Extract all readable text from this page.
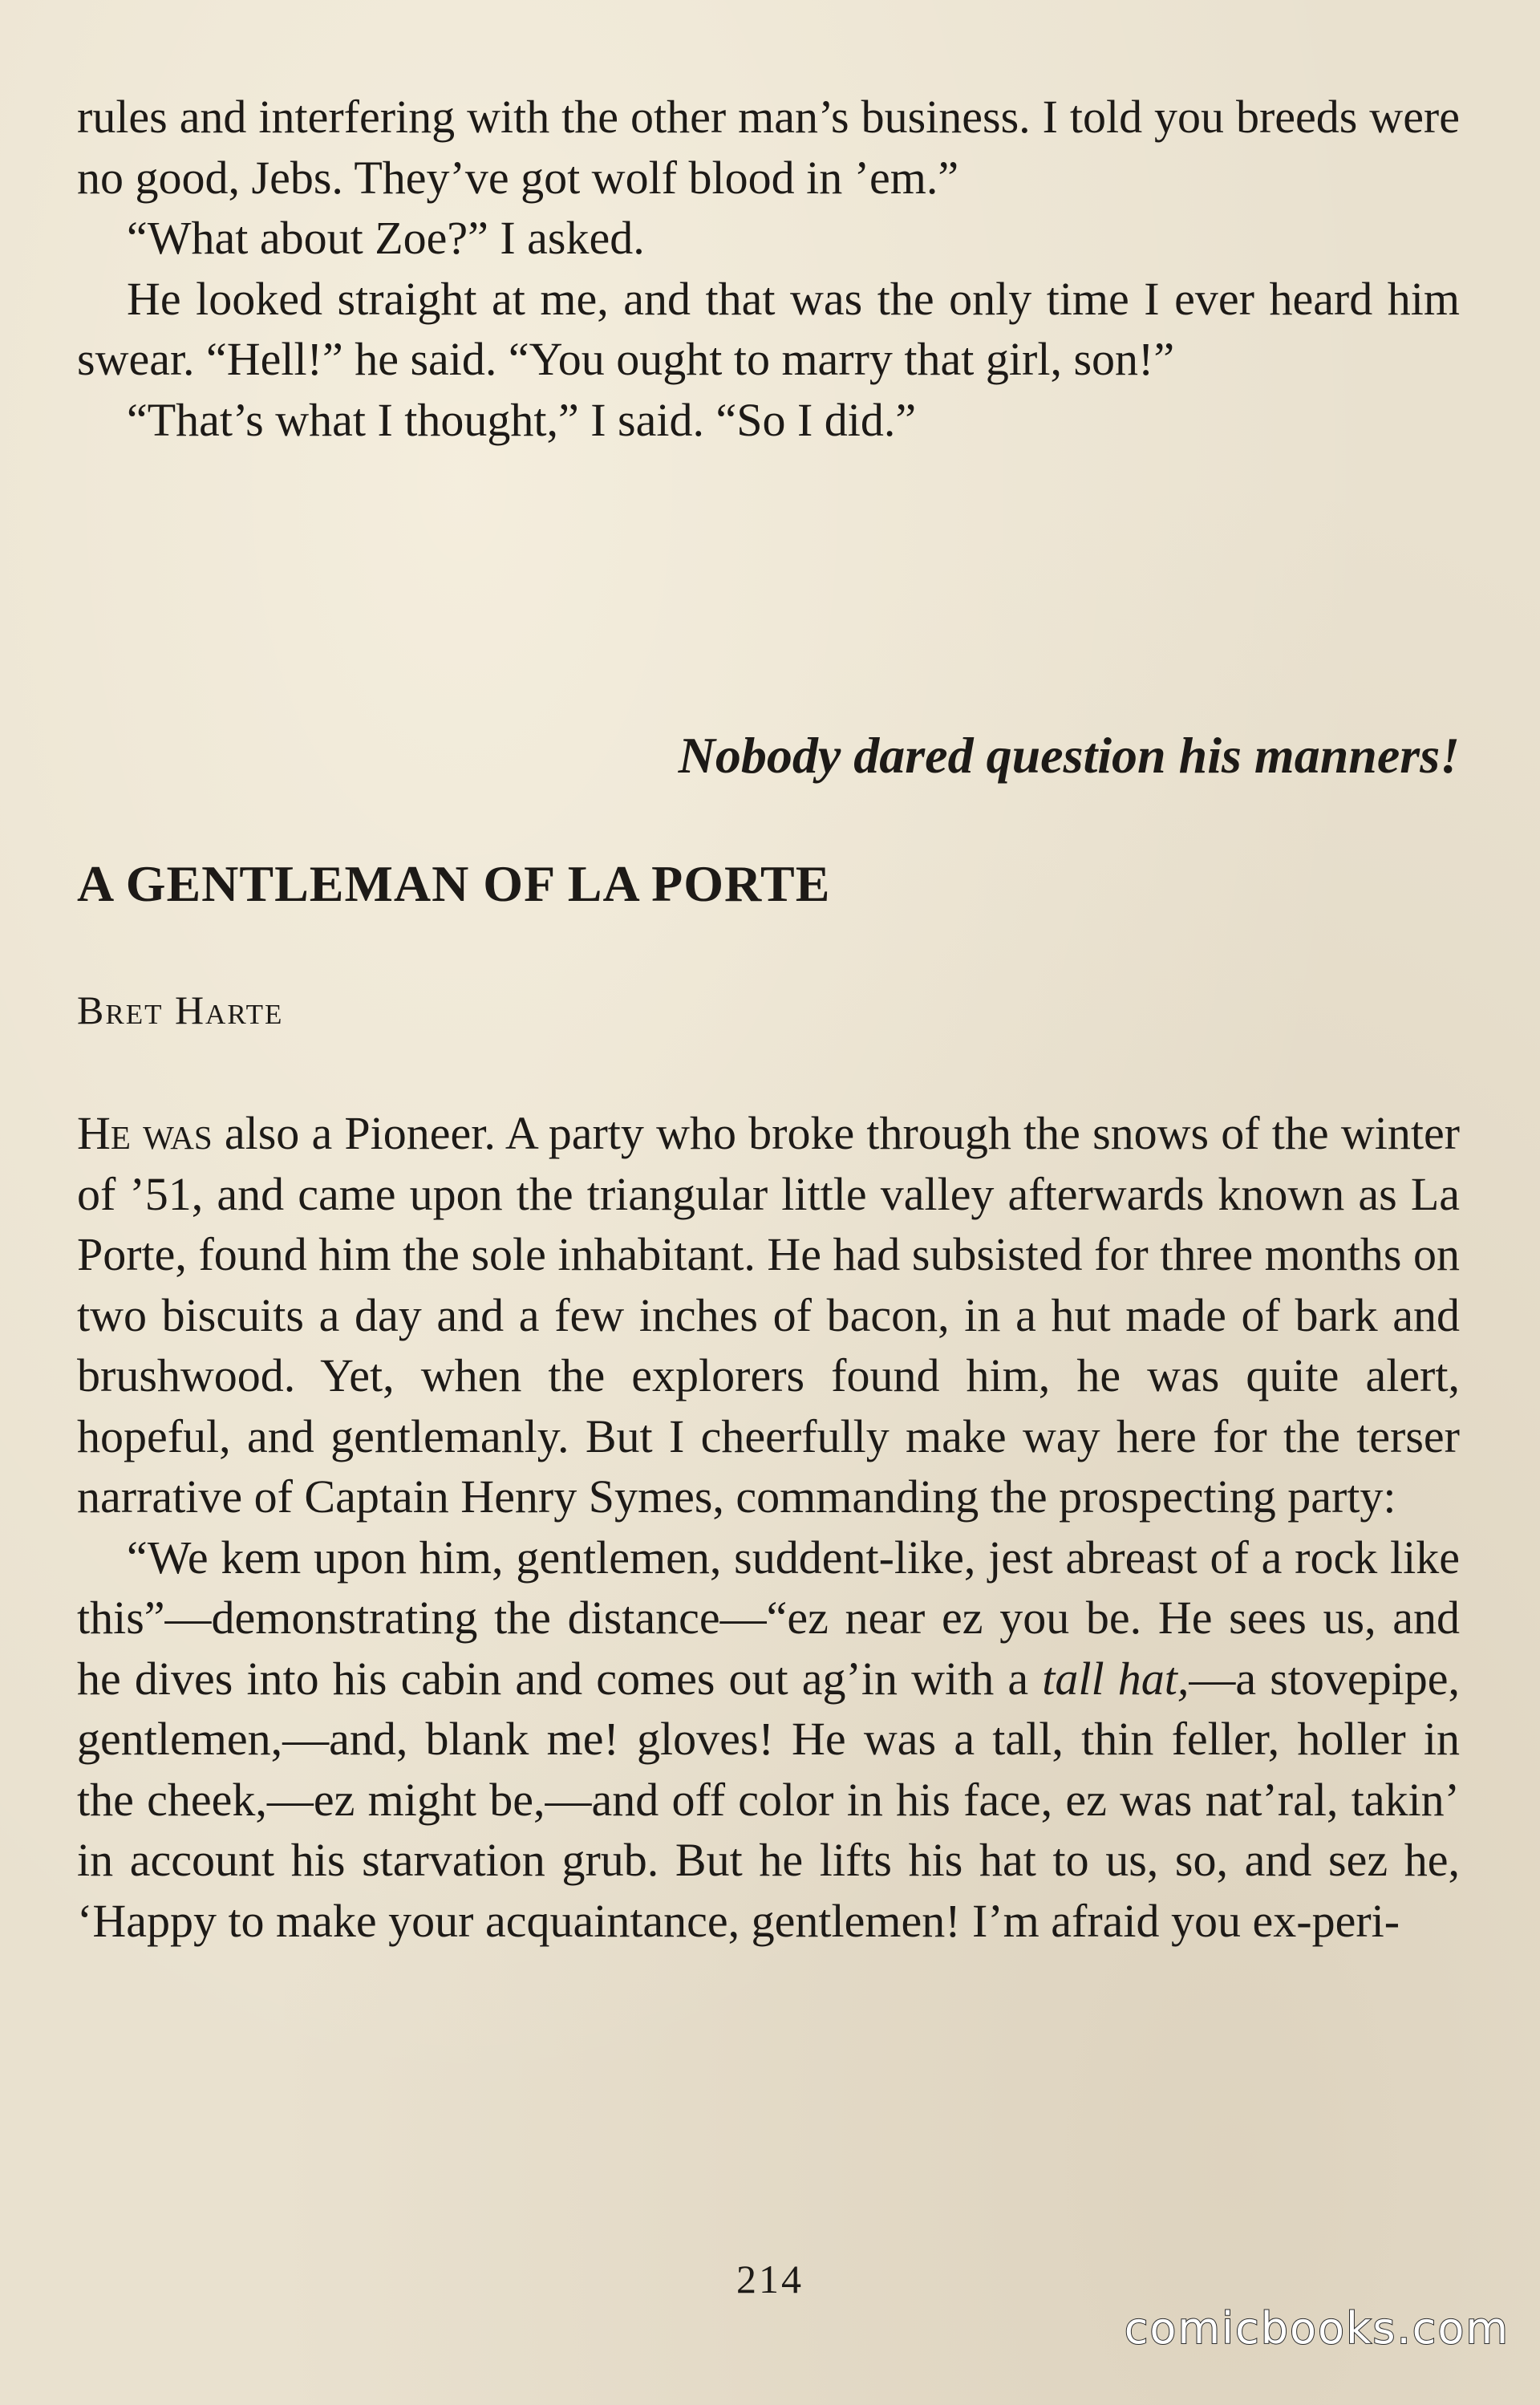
rules and interfering with the other man’s business. I told you breeds were no good, Jebs. They’ve got wolf blood in ’em.”

“What about Zoe?” I asked.

He looked straight at me, and that was the only time I ever heard him swear. “Hell!” he said. “You ought to marry that girl, son!”

“That’s what I thought,” I said. “So I did.”

Nobody dared question his manners!
A GENTLEMAN OF LA PORTE
Bret Harte

He was also a Pioneer. A party who broke through the snows of the winter of ’51, and came upon the triangular little valley afterwards known as La Porte, found him the sole inhabitant. He had subsisted for three months on two biscuits a day and a few inches of bacon, in a hut made of bark and brushwood. Yet, when the explorers found him, he was quite alert, hopeful, and gentlemanly. But I cheerfully make way here for the terser narrative of Captain Henry Symes, commanding the prospecting party:

“We kem upon him, gentlemen, suddent-like, jest abreast of a rock like this”—demonstrating the distance—“ez near ez you be. He sees us, and he dives into his cabin and comes out ag’in with a tall hat,—a stovepipe, gentlemen,—and, blank me! gloves! He was a tall, thin feller, holler in the cheek,—ez might be,—and off color in his face, ez was nat’ral, takin’ in account his starvation grub. But he lifts his hat to us, so, and sez he, ‘Happy to make your acquaintance, gentlemen! I’m afraid you ex-peri-

214
comicbooks.com
